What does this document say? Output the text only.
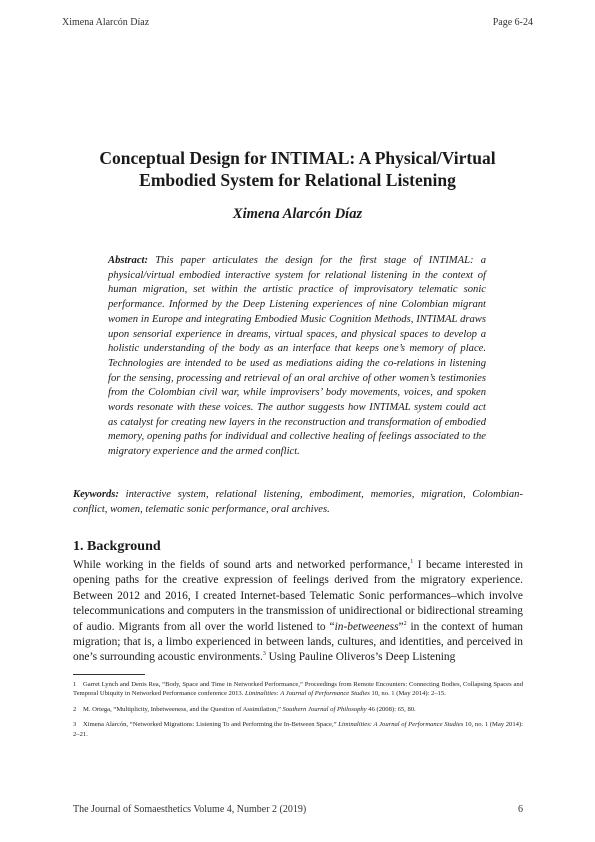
Ximena Alarcón Díaz	Page 6-24
Conceptual Design for INTIMAL: A Physical/Virtual
Embodied System for Relational Listening
Ximena Alarcón Díaz
Abstract: This paper articulates the design for the first stage of INTIMAL: a physical/virtual embodied interactive system for relational listening in the context of human migration, set within the artistic practice of improvisatory telematic sonic performance. Informed by the Deep Listening experiences of nine Colombian migrant women in Europe and integrating Embodied Music Cognition Methods, INTIMAL draws upon sensorial experience in dreams, virtual spaces, and physical spaces to develop a holistic understanding of the body as an interface that keeps one’s memory of place. Technologies are intended to be used as mediations aiding the co-relations in listening for the sensing, processing and retrieval of an oral archive of other women’s testimonies from the Colombian civil war, while improvisers’ body movements, voices, and spoken words resonate with these voices. The author suggests how INTIMAL system could act as catalyst for creating new layers in the reconstruction and transformation of embodied memory, opening paths for individual and collective healing of feelings associated to the migratory experience and the armed conflict.
Keywords: interactive system, relational listening, embodiment, memories, migration, Colombian-conflict, women, telematic sonic performance, oral archives.
1. Background
While working in the fields of sound arts and networked performance,$^1$ I became interested in opening paths for the creative expression of feelings derived from the migratory experience. Between 2012 and 2016, I created Internet-based Telematic Sonic performances–which involve telecommunications and computers in the transmission of unidirectional or bidirectional streaming of audio. Migrants from all over the world listened to “in-betweeness”$^2$ in the context of human migration; that is, a limbo experienced in between lands, cultures, and identities, and perceived in one’s surrounding acoustic environments.$^3$ Using Pauline Oliveros’s Deep Listening
1 Garret Lynch and Denis Rea, “Body, Space and Time in Networked Performance,” Proceedings from Remote Encounters: Connecting Bodies, Collapsing Spaces and Temporal Ubiquity in Networked Performance conference 2013. Liminalities: A Journal of Performance Studies 10, no. 1 (May 2014): 2–15.
2 M. Ortega, “Multiplicity, Inbetweeness, and the Question of Assimilation,” Southern Journal of Philosophy 46 (2008): 65, 80.
3 Ximena Alarcón, “Networked Migrations: Listening To and Performing the In-Between Space,” Liminalities: A Journal of Performance Studies 10, no. 1 (May 2014): 2–21.
The Journal of Somaesthetics Volume 4, Number 2 (2019)	6
